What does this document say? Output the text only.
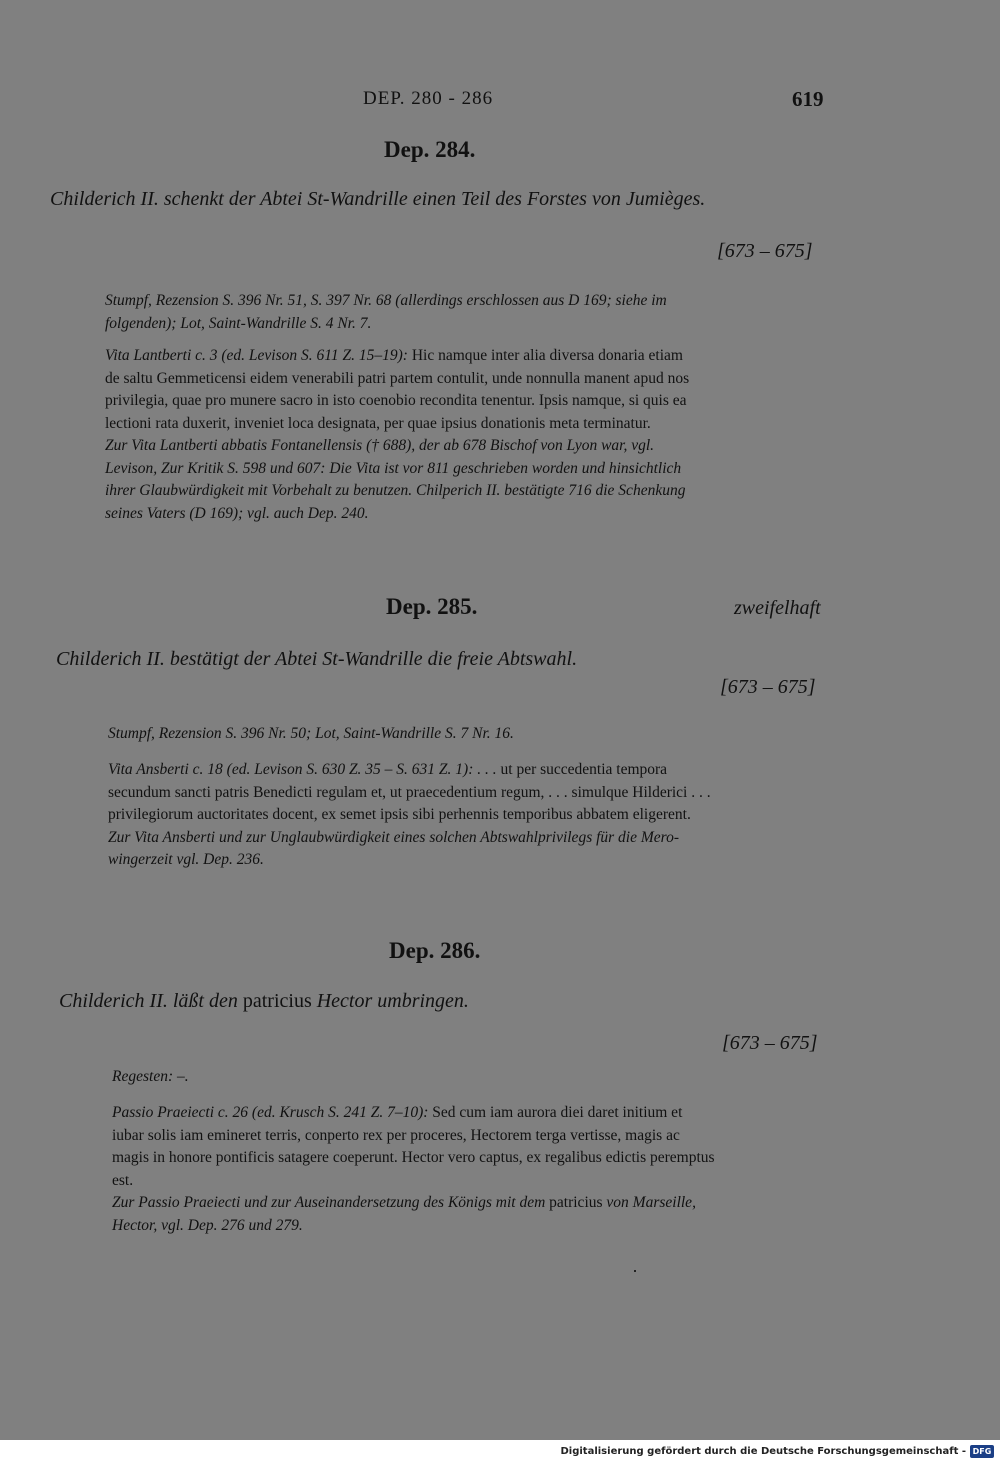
DEP. 280 - 286	619
Dep. 284.
Childerich II. schenkt der Abtei St-Wandrille einen Teil des Forstes von Jumièges.
[673 – 675]
Stumpf, Rezension S. 396 Nr. 51, S. 397 Nr. 68 (allerdings erschlossen aus D 169; siehe im
folgenden); Lot, Saint-Wandrille S. 4 Nr. 7.
Vita Lantberti c. 3 (ed. Levison S. 611 Z. 15–19): Hic namque inter alia diversa donaria etiam
de saltu Gemmeticensi eidem venerabili patri partem contulit, unde nonnulla manent apud nos
privilegia, quae pro munere sacro in isto coenobio recondita tenentur. Ipsis namque, si quis ea
lectioni rata duxerit, inveniet loca designata, per quae ipsius donationis meta terminatur.
Zur Vita Lantberti abbatis Fontanellensis († 688), der ab 678 Bischof von Lyon war, vgl.
Levison, Zur Kritik S. 598 und 607: Die Vita ist vor 811 geschrieben worden und hinsichtlich
ihrer Glaubwürdigkeit mit Vorbehalt zu benutzen. Chilperich II. bestätigte 716 die Schenkung
seines Vaters (D 169); vgl. auch Dep. 240.
Dep. 285.	zweifelhaft
Childerich II. bestätigt der Abtei St-Wandrille die freie Abtswahl.
[673 – 675]
Stumpf, Rezension S. 396 Nr. 50; Lot, Saint-Wandrille S. 7 Nr. 16.
Vita Ansberti c. 18 (ed. Levison S. 630 Z. 35 – S. 631 Z. 1): . . . ut per succedentia tempora
secundum sancti patris Benedicti regulam et, ut praecedentium regum, . . . simulque Hilderici . . .
privilegiorum auctoritates docent, ex semet ipsis sibi perhennis temporibus abbatem eligerent.
Zur Vita Ansberti und zur Unglaubwürdigkeit eines solchen Abtswahlprivilegs für die Mero-
wingerzeit vgl. Dep. 236.
Dep. 286.
Childerich II. läßt den patricius Hector umbringen.
[673 – 675]
Regesten: –.
Passio Praeiecti c. 26 (ed. Krusch S. 241 Z. 7–10): Sed cum iam aurora diei daret initium et
iubar solis iam emineret terris, conperto rex per proceres, Hectorem terga vertisse, magis ac
magis in honore pontificis satagere coeperunt. Hector vero captus, ex regalibus edictis peremptus
est.
Zur Passio Praeiecti und zur Auseinandersetzung des Königs mit dem patricius von Marseille,
Hector, vgl. Dep. 276 und 279.
Digitalisierung gefördert durch die Deutsche Forschungsgemeinschaft - DFG
